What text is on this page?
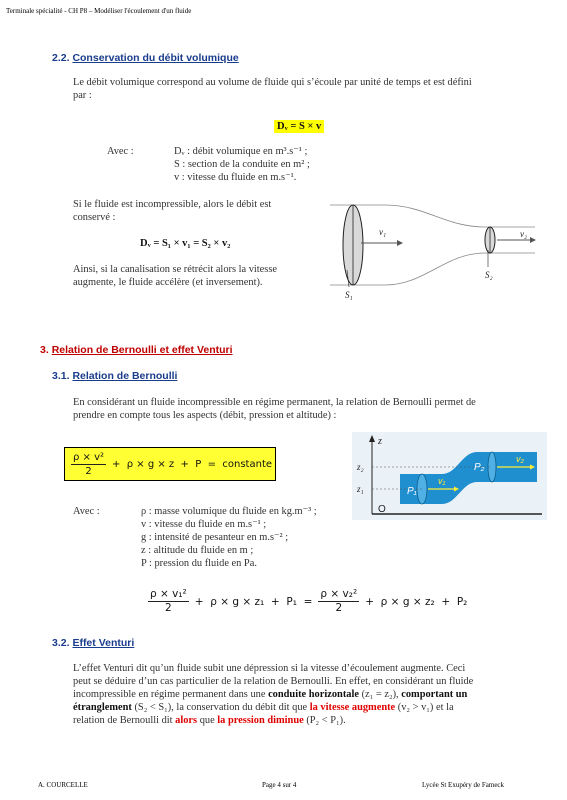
Terminale spécialité - CH P8 – Modéliser l'écoulement d'un fluide
2.2. Conservation du débit volumique
Le débit volumique correspond au volume de fluide qui s’écoule par unité de temps et est défini
par :
Dᵥ = S × v
Avec :	Dᵥ : débit volumique en m³.s⁻¹ ;
S : section de la conduite en m² ;
v : vitesse du fluide en m.s⁻¹.
Si le fluide est incompressible, alors le débit est
conservé :
Dᵥ = S₁ × v₁ = S₂ × v₂
Ainsi, si la canalisation se rétrécit alors la vitesse
augmente, le fluide accélère (et inversement).
v₁	v₂
S₁
S₂
3. Relation de Bernoulli et effet Venturi
3.1. Relation de Bernoulli
En considérant un fluide incompressible en régime permanent, la relation de Bernoulli permet de
prendre en compte tous les aspects (débit, pression et altitude) :
$\frac{\text{ρ × v²}}{2} + \rho \times g \times z + P$  =  constante
z
z₂
z₁
O
P₁
P₂
v₁
v₂
Avec :	ρ : masse volumique du fluide en kg.m⁻³ ;
v : vitesse du fluide en m.s⁻¹ ;
g : intensité de pesanteur en m.s⁻² ;
z : altitude du fluide en m ;
P : pression du fluide en Pa.
$\frac{\text{ρ × v₁²}}{2} + \rho \times g \times z_1 + P_1 = \frac{\text{ρ × v₂²}}{2} + \rho \times g \times z_2 + P_2$
3.2. Effet Venturi
L’effet Venturi dit qu’un fluide subit une dépression si la vitesse d’écoulement augmente. Ceci
peut se déduire d’un cas particulier de la relation de Bernoulli. En effet, en considérant un fluide
incompressible en régime permanent dans une conduite horizontale (z₁ = z₂), comportant un
étranglement (S₂ < S₁), la conservation du débit dit que la vitesse augmente (v₂ > v₁) et la
relation de Bernoulli dit alors que la pression diminue (P₂ < P₁).
A. COURCELLE	Page 4 sur 4	Lycée St Exupéry de Fameck
